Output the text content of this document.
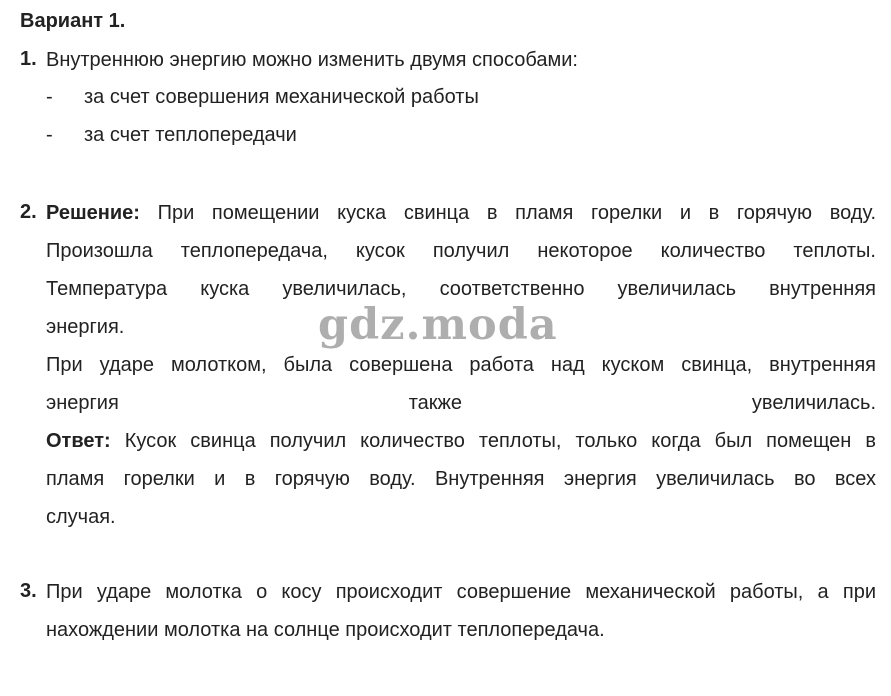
Вариант 1.
1. Внутреннюю энергию можно изменить двумя способами:
- за счет совершения механической работы
- за счет теплопередачи
2. Решение: При помещении куска свинца в пламя горелки и в горячую воду.
Произошла теплопередача, кусок получил некоторое количество теплоты.
Температура куска увеличилась, соответственно увеличилась внутренняя
энергия.
При ударе молотком, была совершена работа над куском свинца, внутренняя
энергия также увеличилась.
Ответ: Кусок свинца получил количество теплоты, только когда был помещен в
пламя горелки и в горячую воду. Внутренняя энергия увеличилась во всех
случая.
3. При ударе молотка о косу происходит совершение механической работы, а при
нахождении молотка на солнце происходит теплопередача.
gdz.moda
